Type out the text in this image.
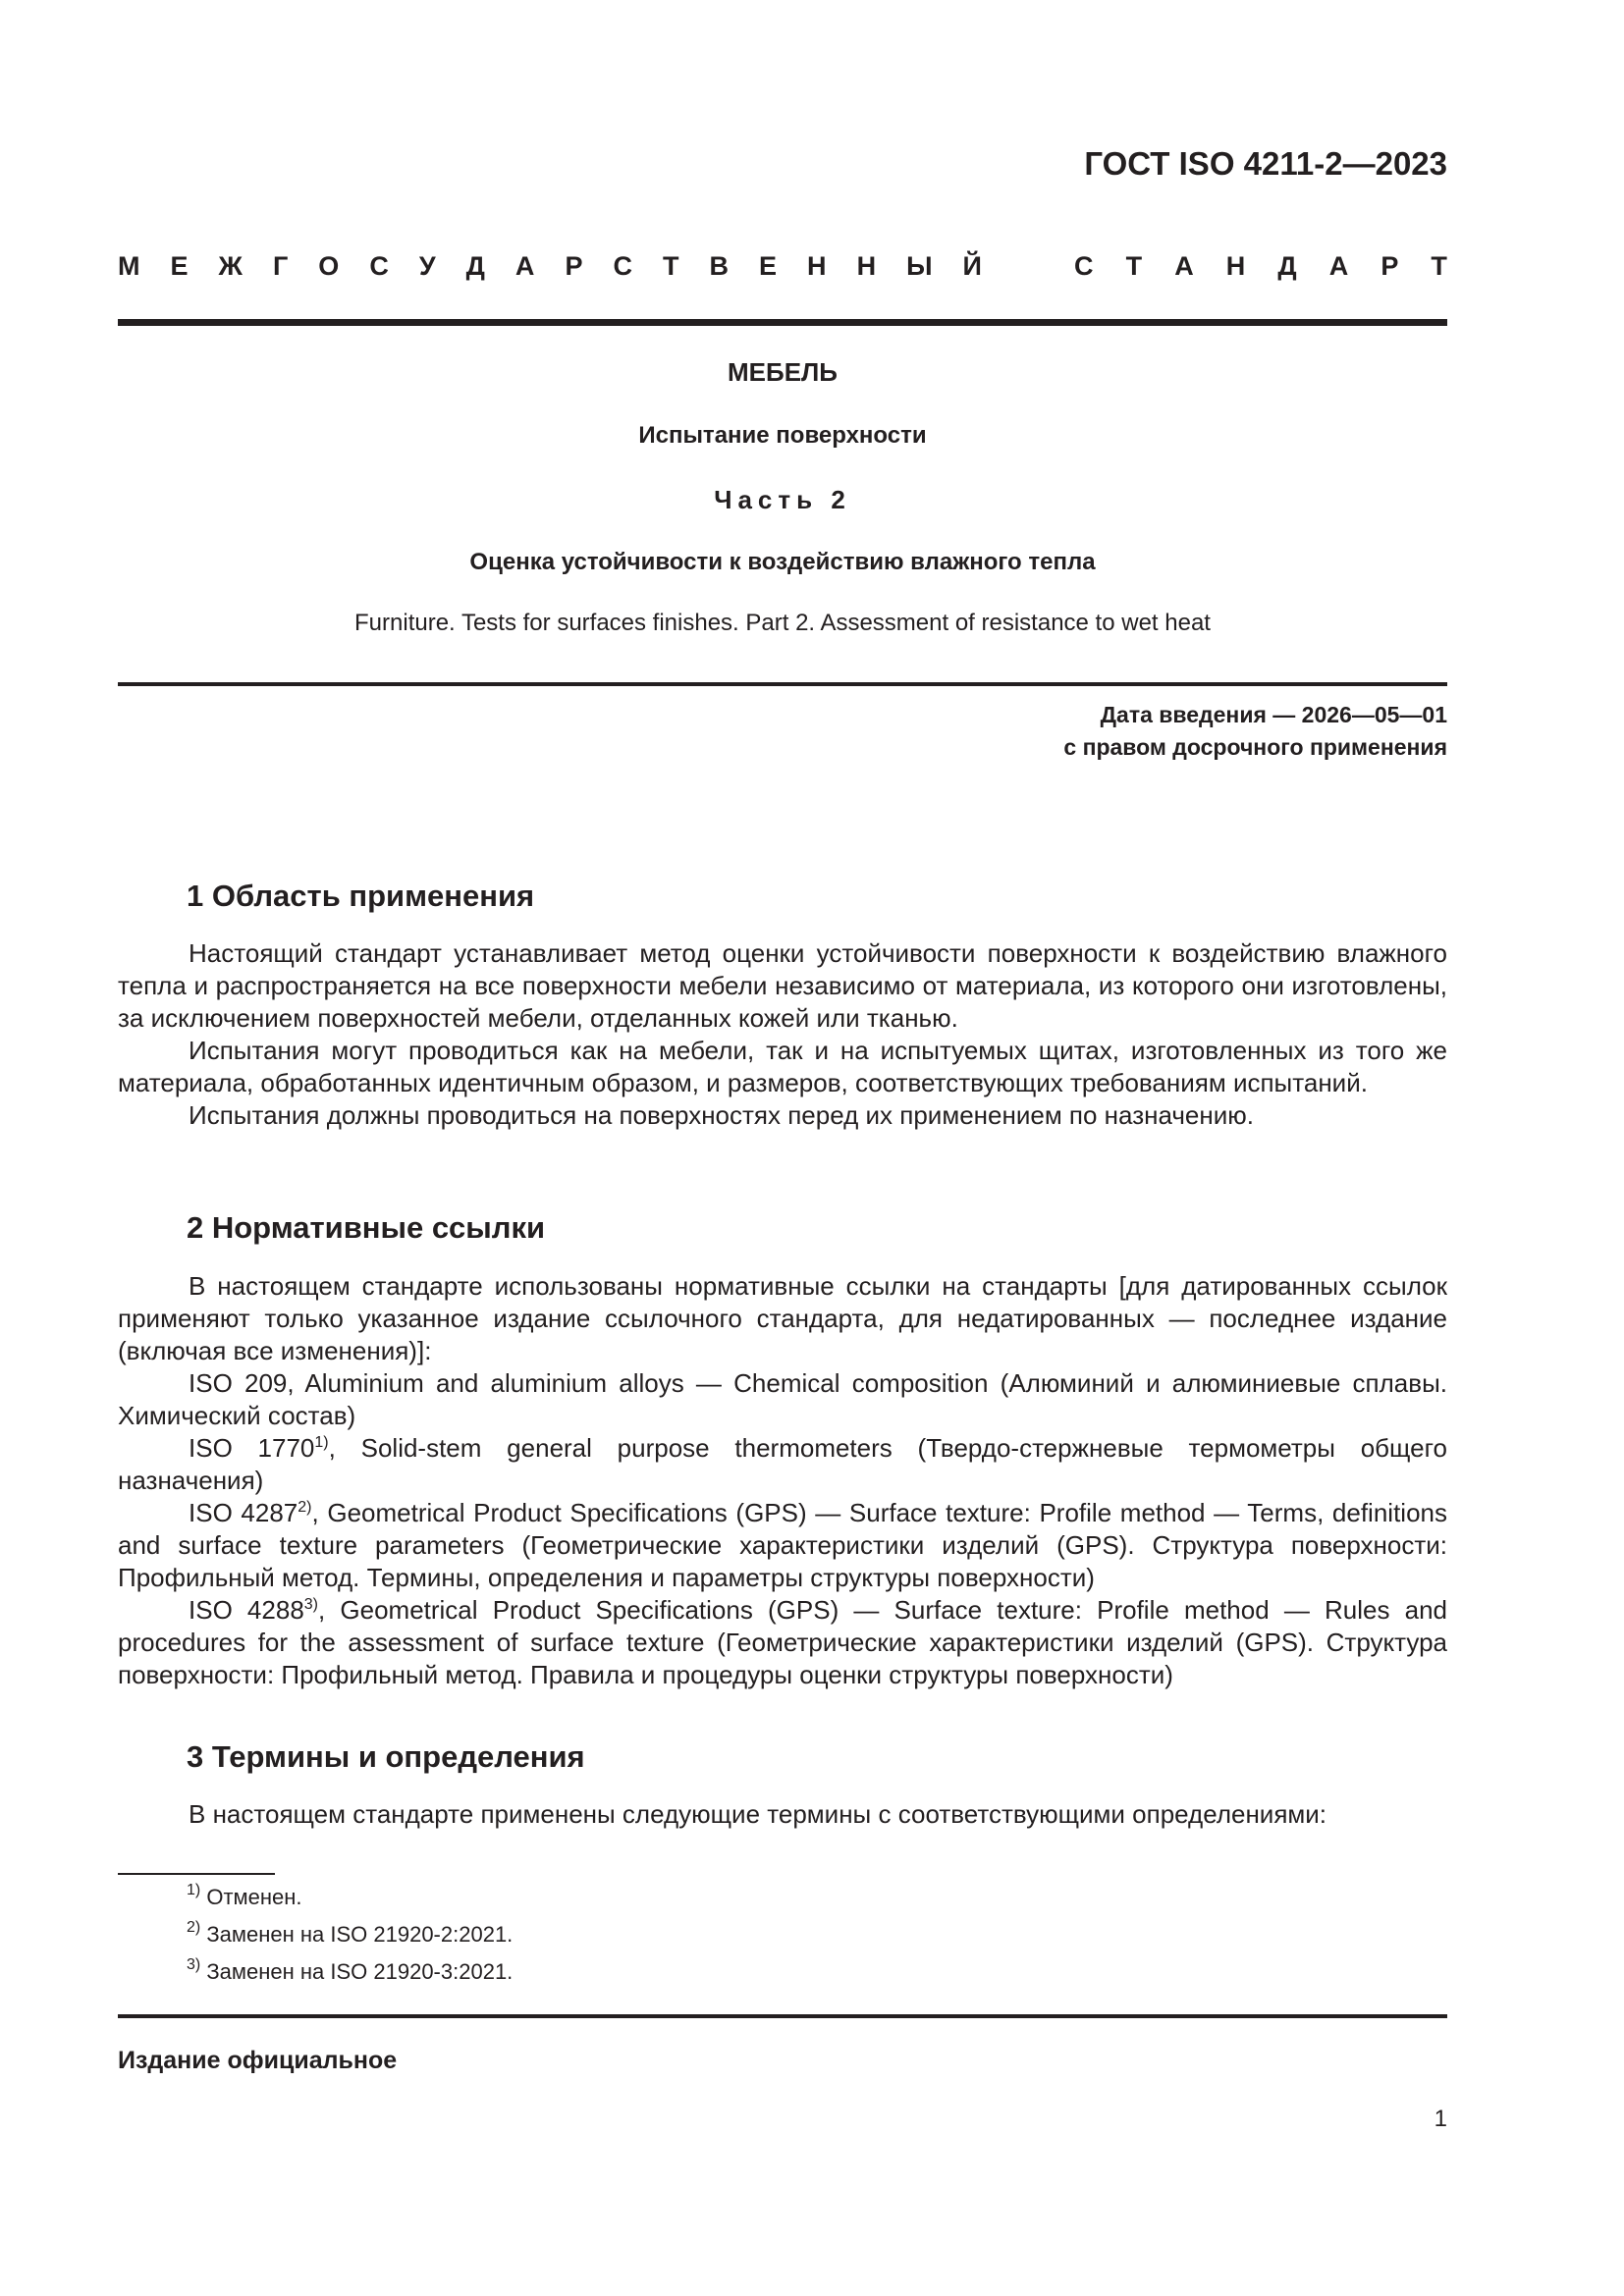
ГОСТ ISO 4211-2—2023
М Е Ж Г О С У Д А Р С Т В Е Н Н Ы Й	С Т А Н Д А Р Т
МЕБЕЛЬ
Испытание поверхности
Часть 2
Оценка устойчивости к воздействию влажного тепла
Furniture. Tests for surfaces finishes. Part 2. Assessment of resistance to wet heat
Дата введения — 2026—05—01
с правом досрочного применения
1 Область применения

Настоящий стандарт устанавливает метод оценки устойчивости поверхности к воздействию влажного тепла и распространяется на все поверхности мебели независимо от материала, из которого они изготовлены, за исключением поверхностей мебели, отделанных кожей или тканью.

Испытания могут проводиться как на мебели, так и на испытуемых щитах, изготовленных из того же материала, обработанных идентичным образом, и размеров, соответствующих требованиям испытаний.

Испытания должны проводиться на поверхностях перед их применением по назначению.

2 Нормативные ссылки

В настоящем стандарте использованы нормативные ссылки на стандарты [для датированных ссылок применяют только указанное издание ссылочного стандарта, для недатированных — последнее издание (включая все изменения)]:

ISO 209, Aluminium and aluminium alloys — Chemical composition (Алюминий и алюминиевые сплавы. Химический состав)

ISO 1770$^{1)}$, Solid-stem general purpose thermometers (Твердо-стержневые термометры общего назначения)

ISO 4287$^{2)}$, Geometrical Product Specifications (GPS) — Surface texture: Profile method — Terms, definitions and surface texture parameters (Геометрические характеристики изделий (GPS). Структура поверхности: Профильный метод. Термины, определения и параметры структуры поверхности)

ISO 4288$^{3)}$, Geometrical Product Specifications (GPS) — Surface texture: Profile method — Rules and procedures for the assessment of surface texture (Геометрические характеристики изделий (GPS). Структура поверхности: Профильный метод. Правила и процедуры оценки структуры поверхности)

3 Термины и определения

В настоящем стандарте применены следующие термины с соответствующими определениями:

$^{1)}$ Отменен.
$^{2)}$ Заменен на ISO 21920-2:2021.
$^{3)}$ Заменен на ISO 21920-3:2021.
Издание официальное
1
